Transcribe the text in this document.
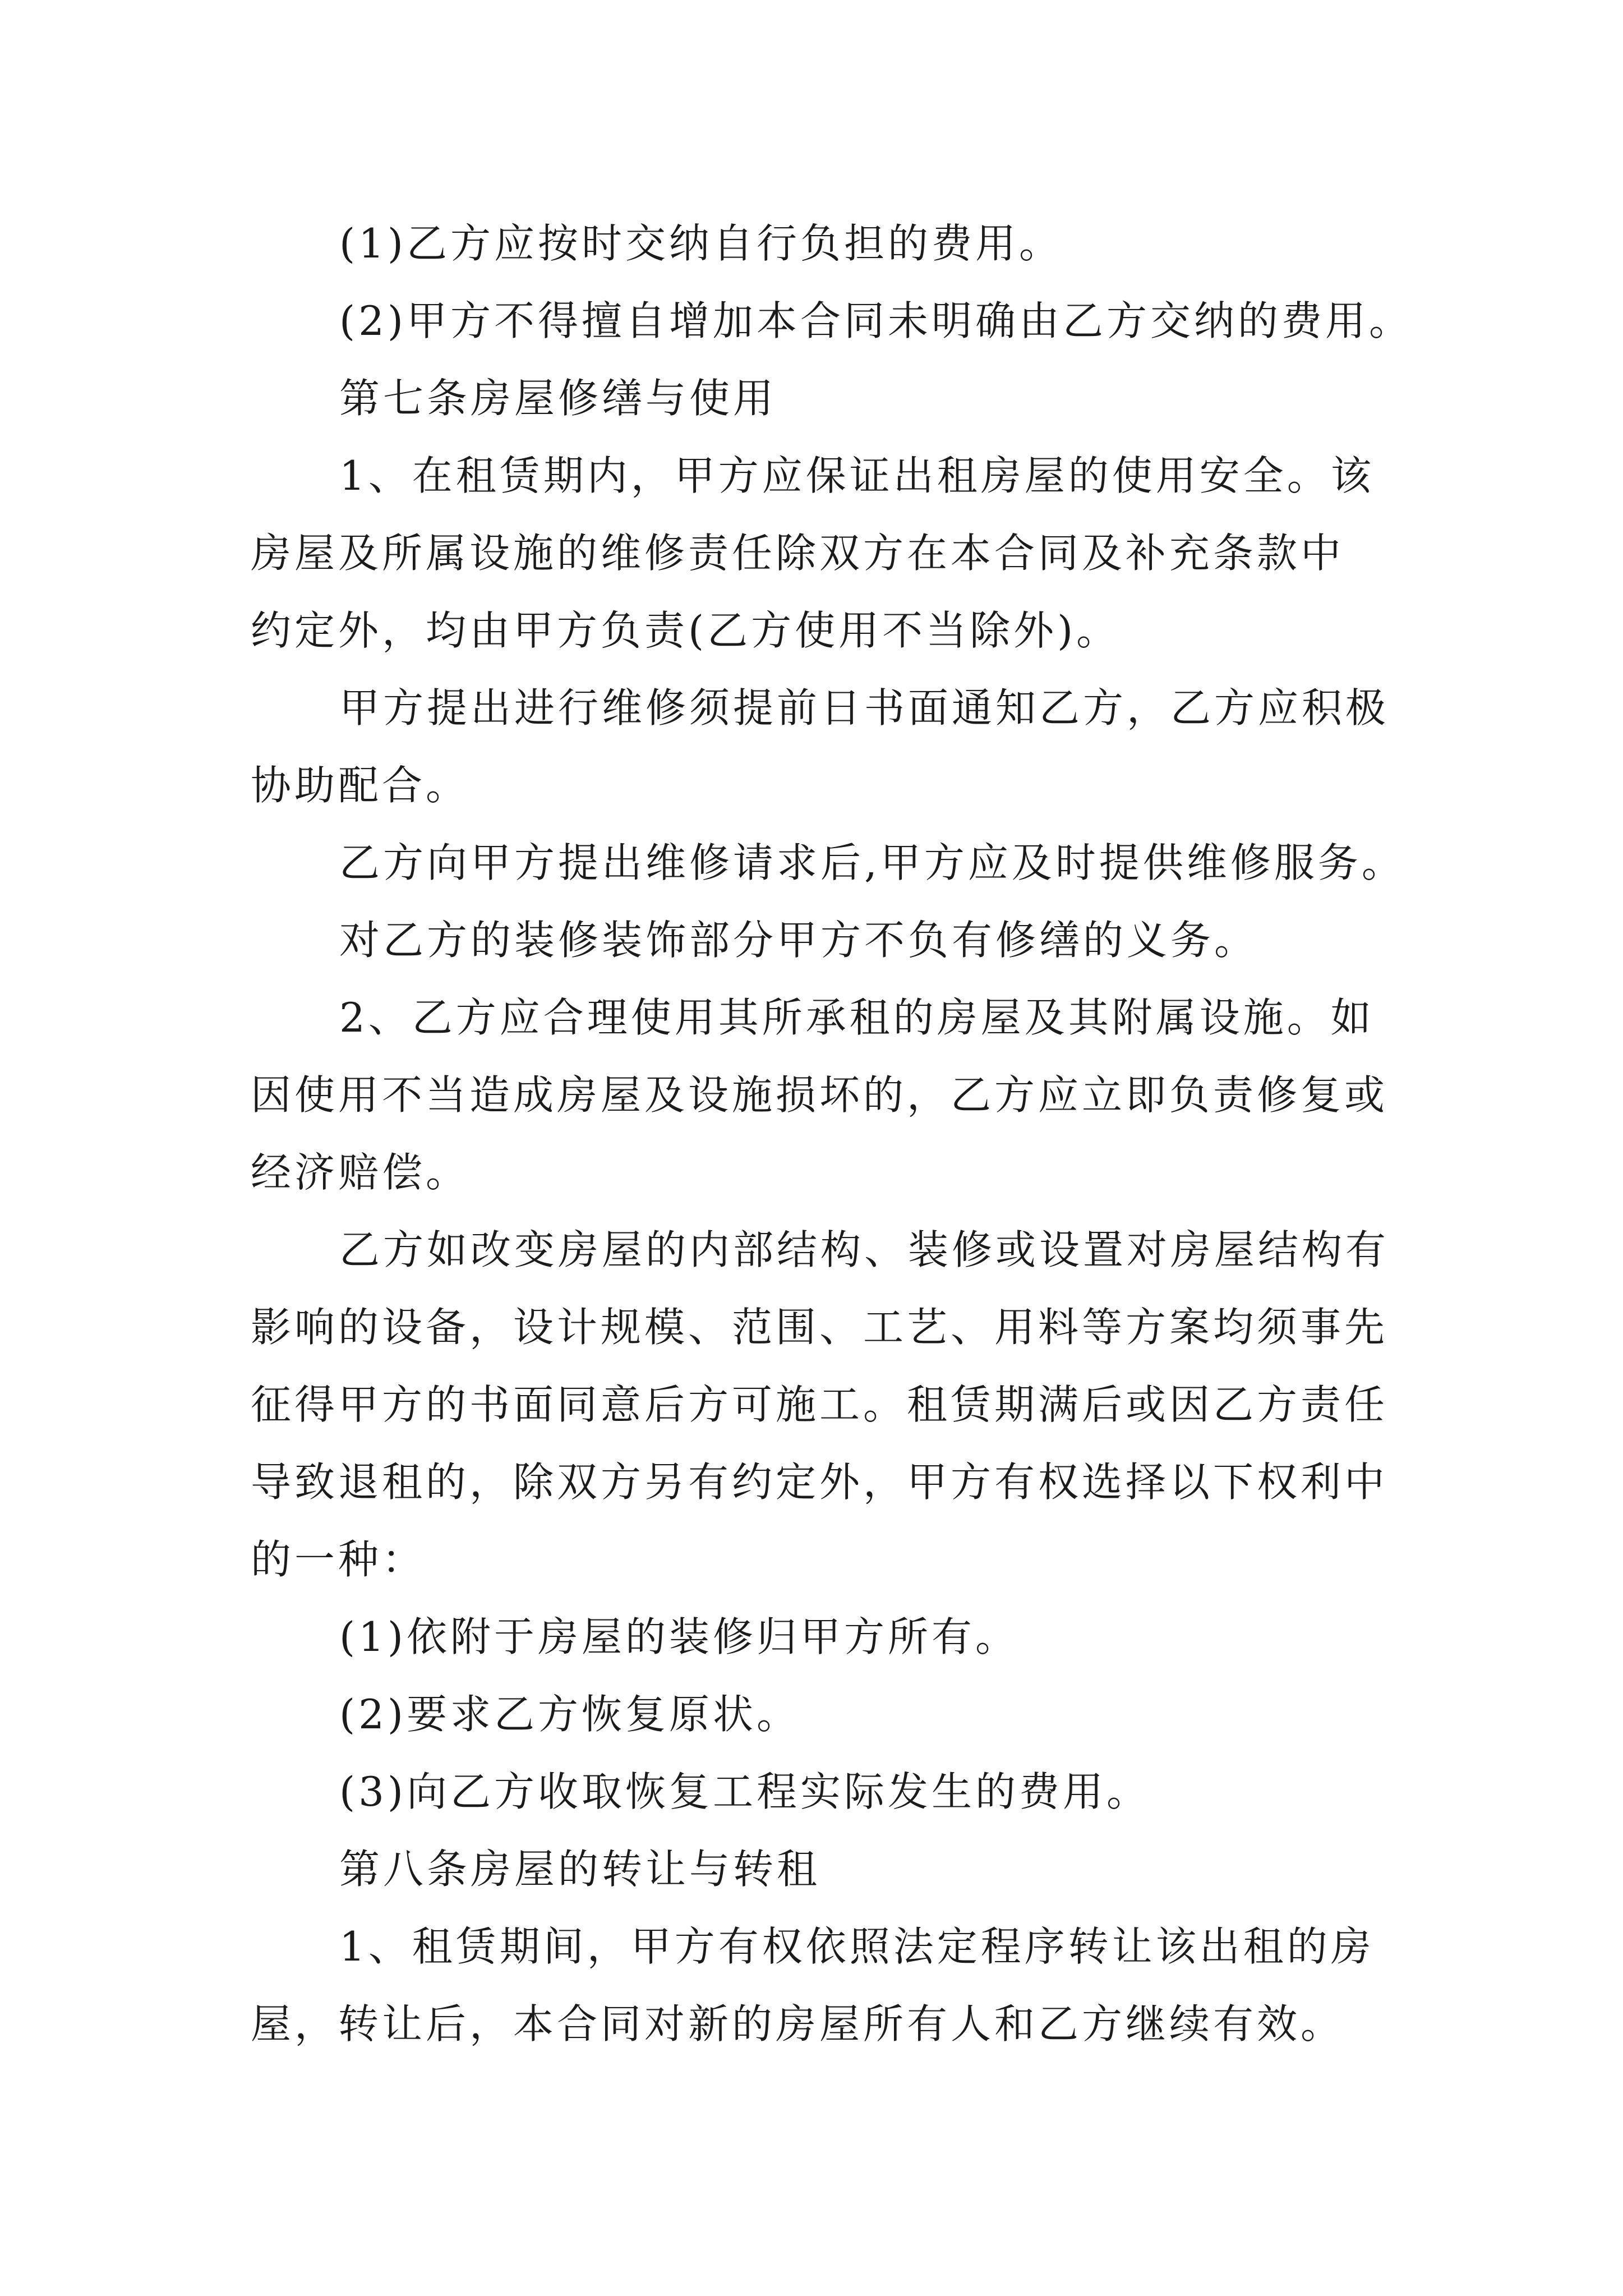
(1)乙方应按时交纳自行负担的费用。
(2)甲方不得擅自增加本合同未明确由乙方交纳的费用。
第七条房屋修缮与使用
1、在租赁期内，甲方应保证出租房屋的使用安全。该
房屋及所属设施的维修责任除双方在本合同及补充条款中
约定外，均由甲方负责(乙方使用不当除外)。
甲方提出进行维修须提前日书面通知乙方，乙方应积极
协助配合。
乙方向甲方提出维修请求后,甲方应及时提供维修服务。
对乙方的装修装饰部分甲方不负有修缮的义务。
2、乙方应合理使用其所承租的房屋及其附属设施。如
因使用不当造成房屋及设施损坏的，乙方应立即负责修复或
经济赔偿。
乙方如改变房屋的内部结构、装修或设置对房屋结构有
影响的设备，设计规模、范围、工艺、用料等方案均须事先
征得甲方的书面同意后方可施工。租赁期满后或因乙方责任
导致退租的，除双方另有约定外，甲方有权选择以下权利中
的一种：
(1)依附于房屋的装修归甲方所有。
(2)要求乙方恢复原状。
(3)向乙方收取恢复工程实际发生的费用。
第八条房屋的转让与转租
1、租赁期间，甲方有权依照法定程序转让该出租的房
屋，转让后，本合同对新的房屋所有人和乙方继续有效。
